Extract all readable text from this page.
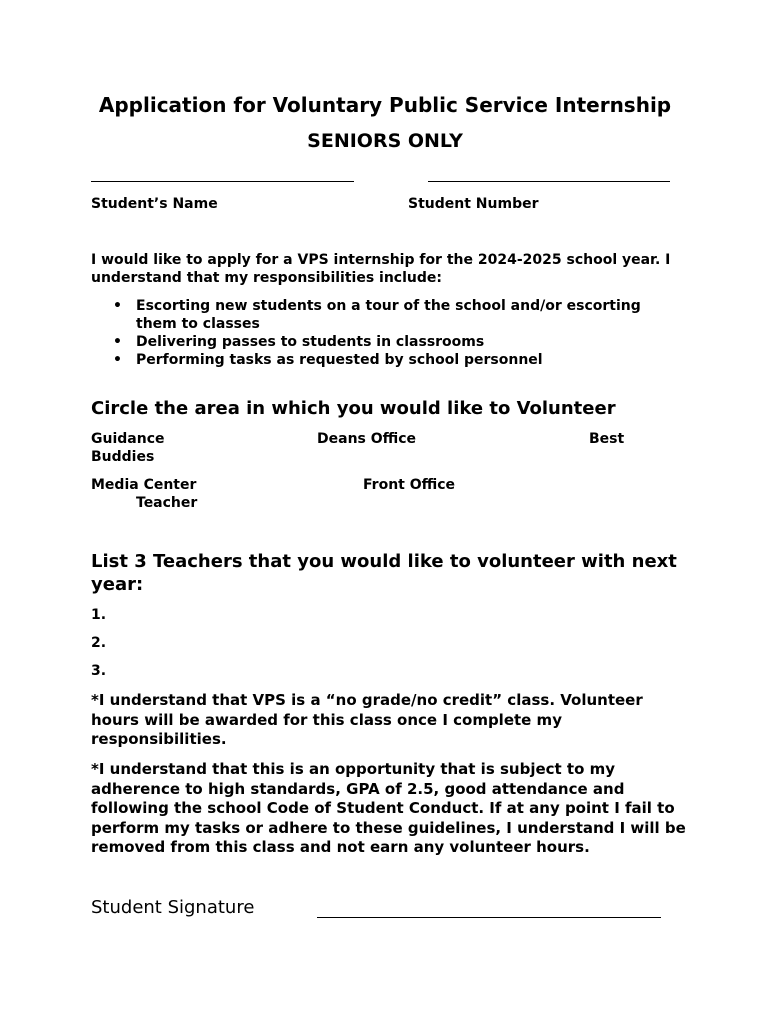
Application for Voluntary Public Service Internship
SENIORS ONLY
Student’s Name	Student Number
I would like to apply for a VPS internship for the 2024-2025 school year. I understand that my responsibilities include:
• Escorting new students on a tour of the school and/or escorting them to classes
• Delivering passes to students in classrooms
• Performing tasks as requested by school personnel
Circle the area in which you would like to Volunteer
Guidance	Deans Office	Best
Buddies
Media Center	Front Office
Teacher
List 3 Teachers that you would like to volunteer with next year:
1.
2.
3.
*I understand that VPS is a “no grade/no credit” class. Volunteer hours will be awarded for this class once I complete my responsibilities.
*I understand that this is an opportunity that is subject to my adherence to high standards, GPA of 2.5, good attendance and following the school Code of Student Conduct. If at any point I fail to perform my tasks or adhere to these guidelines, I understand I will be removed from this class and not earn any volunteer hours.
Student Signature
